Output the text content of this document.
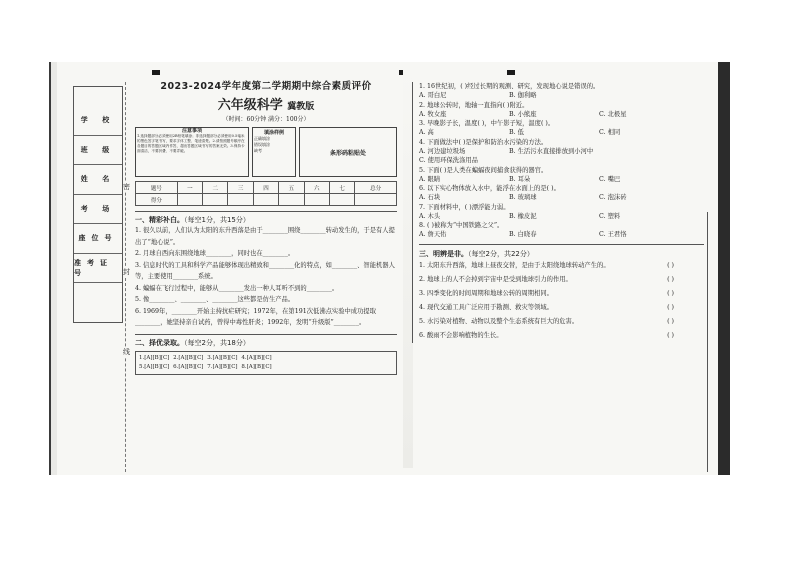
学 校
班 级
姓 名
考 场
座位号
准考证号
密
封
线
2023-2024学年度第二学期期中综合素质评价
六年级科学 冀教版
（时间：60分钟 满分：100分）
注意事项
1.选择题部分必须使用2B铅笔填涂；非选择题部分必须使用0.5毫米的黑色签字笔书写，要求字体工整、笔迹清楚。2.请按照题号顺序在各题目的答题区域内作答，超出答题区域书写的答案无效。3.保持卡面清洁，不要折叠、不要弄破。
填涂样例
正确填涂
错误填涂
缺考	条形码粘贴处
题号	一	二	三	四	五	六	七	总分
得分								
一、精彩补白。（每空1分，共15分）
1. 很久以前，人们认为太阳的东升西落是由于________围绕________转动发生的，于是有人提出了“地心说”。
2. 月球自西向东围绕地球________，同时也在________。
3. 信息时代的工具和科学产品能够体现出精致和________化的特点，如________、智能机器人等，主要使用________系统。
4. 蝙蝠在飞行过程中，能够从________发出一种人耳听不到的________。
5. 像________、________、________这些都是仿生产品。
6. 1969年，________开始主持抗疟研究；1972年，在第191次低沸点实验中成功提取________，她坚持亲自试药，曾得中毒性肝炎；1992年，发明“升级版”________。
二、择优录取。（每空2分，共18分）
1.[A][B][C] 2.[A][B][C] 3.[A][B][C] 4.[A][B][C]
5.[A][B][C] 6.[A][B][C] 7.[A][B][C] 8.[A][B][C]
1. 16世纪初，( )经过长期的观测、研究，发现地心说是错误的。
A. 哥白尼	B. 伽利略
2. 地球公转时，地轴一直指向( )附近。
A. 牧女座	B. 小熊座	C. 北极星
3. 早晚影子长，温度( )，中午影子短，温度( )。
A. 高	B. 低	C. 相同
4. 下面做法中( )是保护和防治水污染的方法。
A. 河边建垃圾场	B. 生活污水直接排放到小河中
C. 使用环保洗涤用品
5. 下面( )是人类在蝙蝠夜间捕食获得的器官。
A. 眼睛	B. 耳朵	C. 嘴巴
6. 以下实心物体放入水中，能浮在水面上的是( )。
A. 石块	B. 玻璃球	C. 泡沫砖
7. 下面材料中，( )漂浮能力弱。
A. 木头	B. 橡皮泥	C. 塑料
8. ( )被称为“中国铁路之父”。
A. 詹天佑	B. 白晓春	C. 王君恪
三、明辨是非。（每空2分，共22分）
1. 太阳东升西落，地球上昼夜交替，是由于太阳绕地球转动产生的。	( )
2. 地球上的人不会掉到宇宙中是受到地球引力的作用。	( )
3. 四季变化的时间周期和地球公转的周期相同。	( )
4. 现代交通工具广泛应用于勘测、救灾等领域。	( )
5. 水污染对植物、动物以及整个生态系统有巨大的危害。	( )
6. 酸雨不会影响植物的生长。	( )
